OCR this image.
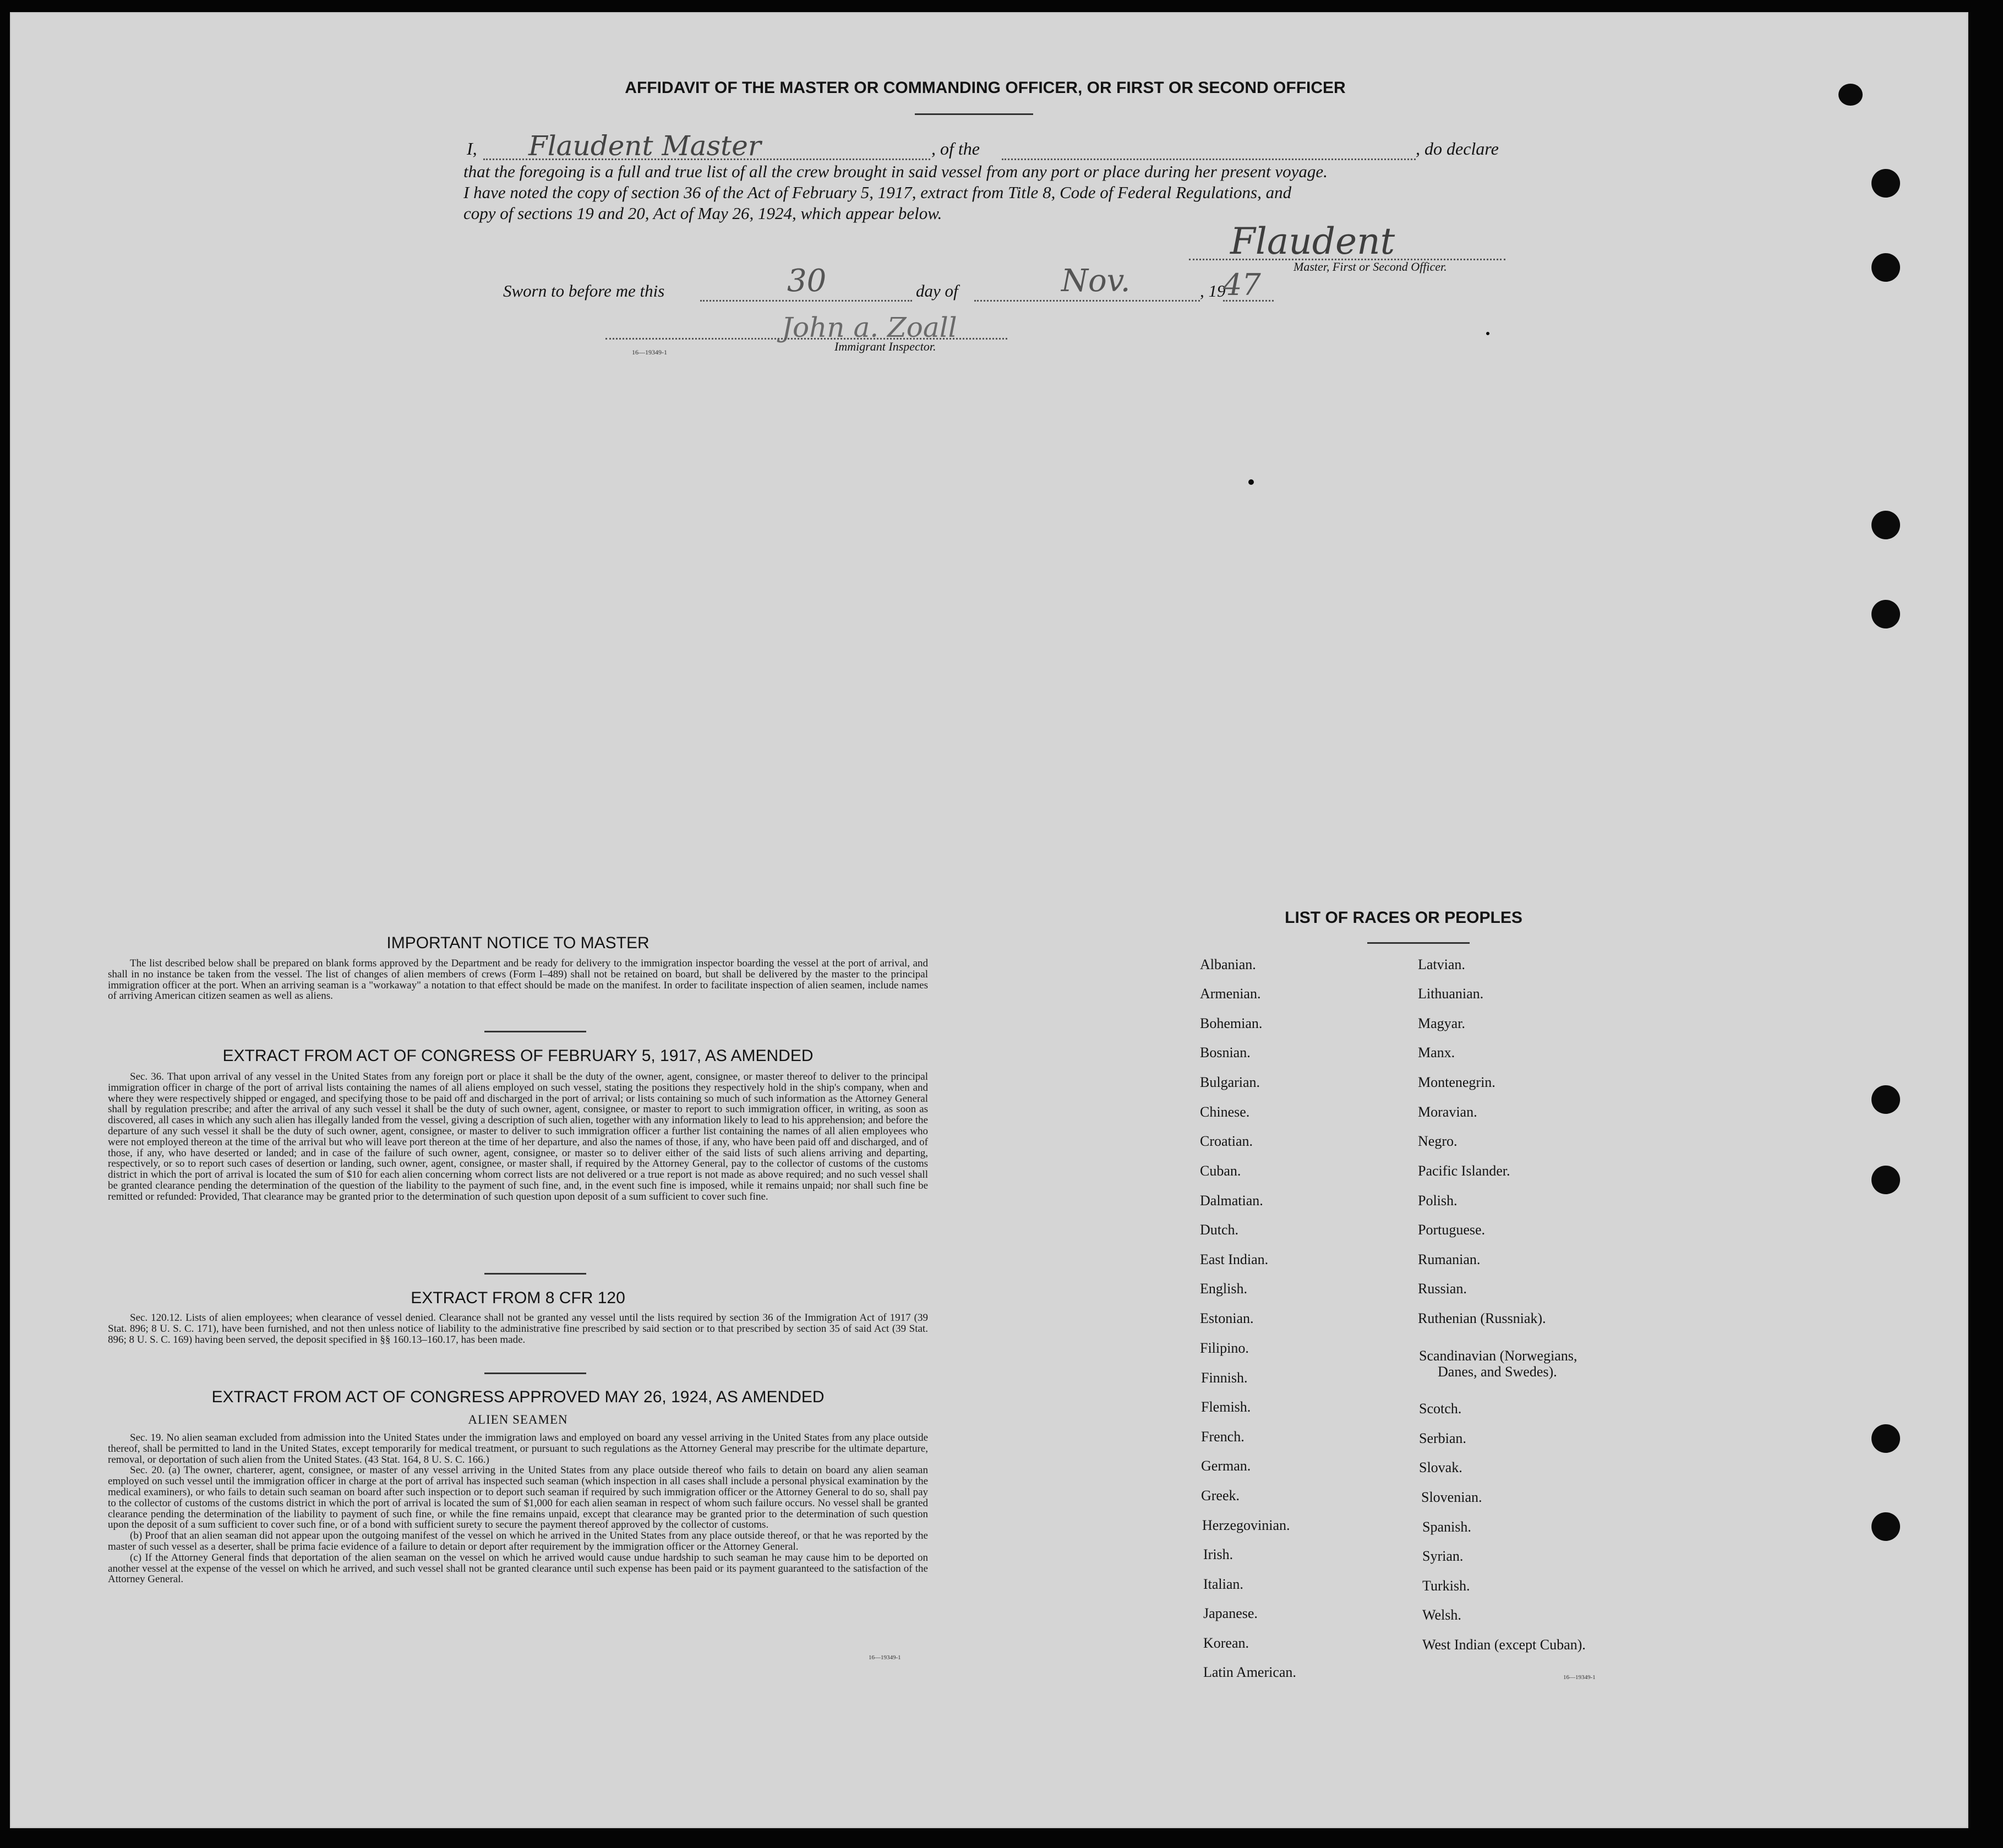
AFFIDAVIT OF THE MASTER OR COMMANDING OFFICER, OR FIRST OR SECOND OFFICER
I, Flaudent Master	, of the	, do declare
that the foregoing is a full and true list of all the crew brought in said vessel from any port or place during her present voyage.
I have noted the copy of section 36 of the Act of February 5, 1917, extract from Title 8, Code of Federal Regulations, and
copy of sections 19 and 20, Act of May 26, 1924, which appear below.
Flaudent
Master, First or Second Officer.
Sworn to before me this	30	day of	Nov.	, 19
47
John a. Zoall
Immigrant Inspector.
16—19349-1
IMPORTANT NOTICE TO MASTER

The list described below shall be prepared on blank forms approved by the Department and be ready for delivery to the immigration inspector boarding the vessel at the port of arrival, and shall in no instance be taken from the vessel. The list of changes of alien members of crews (Form I–489) shall not be retained on board, but shall be delivered by the master to the principal immigration officer at the port. When an arriving seaman is a "workaway" a notation to that effect should be made on the manifest. In order to facilitate inspection of alien seamen, include names of arriving American citizen seamen as well as aliens.

EXTRACT FROM ACT OF CONGRESS OF FEBRUARY 5, 1917, AS AMENDED

Sec. 36. That upon arrival of any vessel in the United States from any foreign port or place it shall be the duty of the owner, agent, consignee, or master thereof to deliver to the principal immigration officer in charge of the port of arrival lists containing the names of all aliens employed on such vessel, stating the positions they respectively hold in the ship's company, when and where they were respectively shipped or engaged, and specifying those to be paid off and discharged in the port of arrival; or lists containing so much of such information as the Attorney General shall by regulation prescribe; and after the arrival of any such vessel it shall be the duty of such owner, agent, consignee, or master to report to such immigration officer, in writing, as soon as discovered, all cases in which any such alien has illegally landed from the vessel, giving a description of such alien, together with any information likely to lead to his apprehension; and before the departure of any such vessel it shall be the duty of such owner, agent, consignee, or master to deliver to such immigration officer a further list containing the names of all alien employees who were not employed thereon at the time of the arrival but who will leave port thereon at the time of her departure, and also the names of those, if any, who have been paid off and discharged, and of those, if any, who have deserted or landed; and in case of the failure of such owner, agent, consignee, or master so to deliver either of the said lists of such aliens arriving and departing, respectively, or so to report such cases of desertion or landing, such owner, agent, consignee, or master shall, if required by the Attorney General, pay to the collector of customs of the customs district in which the port of arrival is located the sum of $10 for each alien concerning whom correct lists are not delivered or a true report is not made as above required; and no such vessel shall be granted clearance pending the determination of the question of the liability to the payment of such fine, and, in the event such fine is imposed, while it remains unpaid; nor shall such fine be remitted or refunded: Provided, That clearance may be granted prior to the determination of such question upon deposit of a sum sufficient to cover such fine.

EXTRACT FROM 8 CFR 120

Sec. 120.12. Lists of alien employees; when clearance of vessel denied. Clearance shall not be granted any vessel until the lists required by section 36 of the Immigration Act of 1917 (39 Stat. 896; 8 U. S. C. 171), have been furnished, and not then unless notice of liability to the administrative fine prescribed by said section or to that prescribed by section 35 of said Act (39 Stat. 896; 8 U. S. C. 169) having been served, the deposit specified in §§ 160.13–160.17, has been made.

EXTRACT FROM ACT OF CONGRESS APPROVED MAY 26, 1924, AS AMENDED
ALIEN SEAMEN

Sec. 19. No alien seaman excluded from admission into the United States under the immigration laws and employed on board any vessel arriving in the United States from any place outside thereof, shall be permitted to land in the United States, except temporarily for medical treatment, or pursuant to such regulations as the Attorney General may prescribe for the ultimate departure, removal, or deportation of such alien from the United States. (43 Stat. 164, 8 U. S. C. 166.)

Sec. 20. (a) The owner, charterer, agent, consignee, or master of any vessel arriving in the United States from any place outside thereof who fails to detain on board any alien seaman employed on such vessel until the immigration officer in charge at the port of arrival has inspected such seaman (which inspection in all cases shall include a personal physical examination by the medical examiners), or who fails to detain such seaman on board after such inspection or to deport such seaman if required by such immigration officer or the Attorney General to do so, shall pay to the collector of customs of the customs district in which the port of arrival is located the sum of $1,000 for each alien seaman in respect of whom such failure occurs. No vessel shall be granted clearance pending the determination of the liability to payment of such fine, or while the fine remains unpaid, except that clearance may be granted prior to the determination of such question upon the deposit of a sum sufficient to cover such fine, or of a bond with sufficient surety to secure the payment thereof approved by the collector of customs.

(b) Proof that an alien seaman did not appear upon the outgoing manifest of the vessel on which he arrived in the United States from any place outside thereof, or that he was reported by the master of such vessel as a deserter, shall be prima facie evidence of a failure to detain or deport after requirement by the immigration officer or the Attorney General.

(c) If the Attorney General finds that deportation of the alien seaman on the vessel on which he arrived would cause undue hardship to such seaman he may cause him to be deported on another vessel at the expense of the vessel on which he arrived, and such vessel shall not be granted clearance until such expense has been paid or its payment guaranteed to the satisfaction of the Attorney General.

16—19349-1
LIST OF RACES OR PEOPLES
Albanian.
Armenian.
Bohemian.
Bosnian.
Bulgarian.
Chinese.
Croatian.
Cuban.
Dalmatian.
Dutch.
East Indian.
English.
Estonian.
Filipino.
Finnish.
Flemish.
French.
German.
Greek.
Herzegovinian.
Irish.
Italian.
Japanese.
Korean.
Latin American.
Latvian.
Lithuanian.
Magyar.
Manx.
Montenegrin.
Moravian.
Negro.
Pacific Islander.
Polish.
Portuguese.
Rumanian.
Russian.
Ruthenian (Russniak).
Scandinavian (Norwegians,
Danes, and Swedes).
Scotch.
Serbian.
Slovak.
Slovenian.
Spanish.
Syrian.
Turkish.
Welsh.
West Indian (except Cuban).
16—19349-1
